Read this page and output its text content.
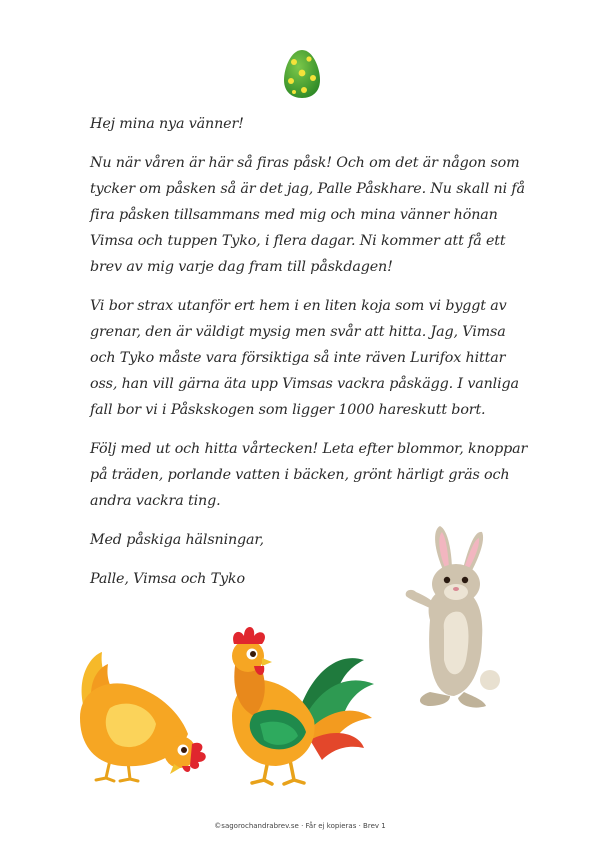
Hej mina nya vänner!

Nu när våren är här så firas påsk! Och om det är någon som tycker om påsken så är det jag, Palle Påskhare. Nu skall ni få fira påsken tillsammans med mig och mina vänner hönan Vimsa och tuppen Tyko, i flera dagar. Ni kommer att få ett brev av mig varje dag fram till påskdagen!

Vi bor strax utanför ert hem i en liten koja som vi byggt av grenar, den är väldigt mysig men svår att hitta. Jag, Vimsa och Tyko måste vara försiktiga så inte räven Lurifox hittar oss, han vill gärna äta upp Vimsas vackra påskägg. I vanliga fall bor vi i Påskskogen som ligger 1000 hareskutt bort.

Följ med ut och hitta vårtecken! Leta efter blommor, knoppar på träden, porlande vatten i bäcken, grönt härligt gräs och andra vackra ting.

Med påskiga hälsningar,

Palle, Vimsa och Tyko

©sagorochandrabrev.se · Får ej kopieras · Brev 1
